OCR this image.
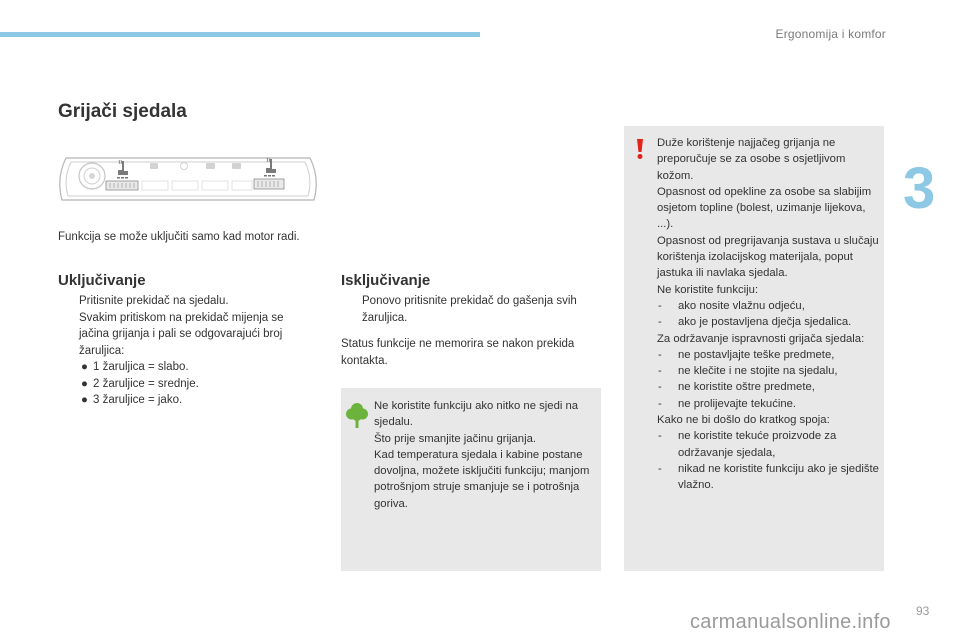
Ergonomija i komfor
3
Grijači sjedala
Funkcija se može uključiti samo kad motor radi.
Uključivanje
Pritisnite prekidač na sjedalu.
Svakim pritiskom na prekidač mijenja se jačina grijanja i pali se odgovarajući broj žaruljica:
● 1 žaruljica = slabo.
● 2 žaruljice = srednje.
● 3 žaruljice = jako.
Isključivanje
Ponovo pritisnite prekidač do gašenja svih žaruljica.
Status funkcije ne memorira se nakon prekida kontakta.
Ne koristite funkciju ako nitko ne sjedi na sjedalu.
Što prije smanjite jačinu grijanja.
Kad temperatura sjedala i kabine postane dovoljna, možete isključiti funkciju; manjom potrošnjom struje smanjuje se i potrošnja goriva.
Duže korištenje najjačeg grijanja ne preporučuje se za osobe s osjetljivom kožom.
Opasnost od opekline za osobe sa slabijim osjetom topline (bolest, uzimanje lijekova, ...).
Opasnost od pregrijavanja sustava u slučaju korištenja izolacijskog materijala, poput jastuka ili navlaka sjedala.
Ne koristite funkciju:
- ako nosite vlažnu odjeću,
- ako je postavljena dječja sjedalica.
Za održavanje ispravnosti grijača sjedala:
- ne postavljajte teške predmete,
- ne klečite i ne stojite na sjedalu,
- ne koristite oštre predmete,
- ne prolijevajte tekućine.
Kako ne bi došlo do kratkog spoja:
- ne koristite tekuće proizvode za održavanje sjedala,
- nikad ne koristite funkciju ako je sjedište vlažno.
93
carmanualsonline.info
